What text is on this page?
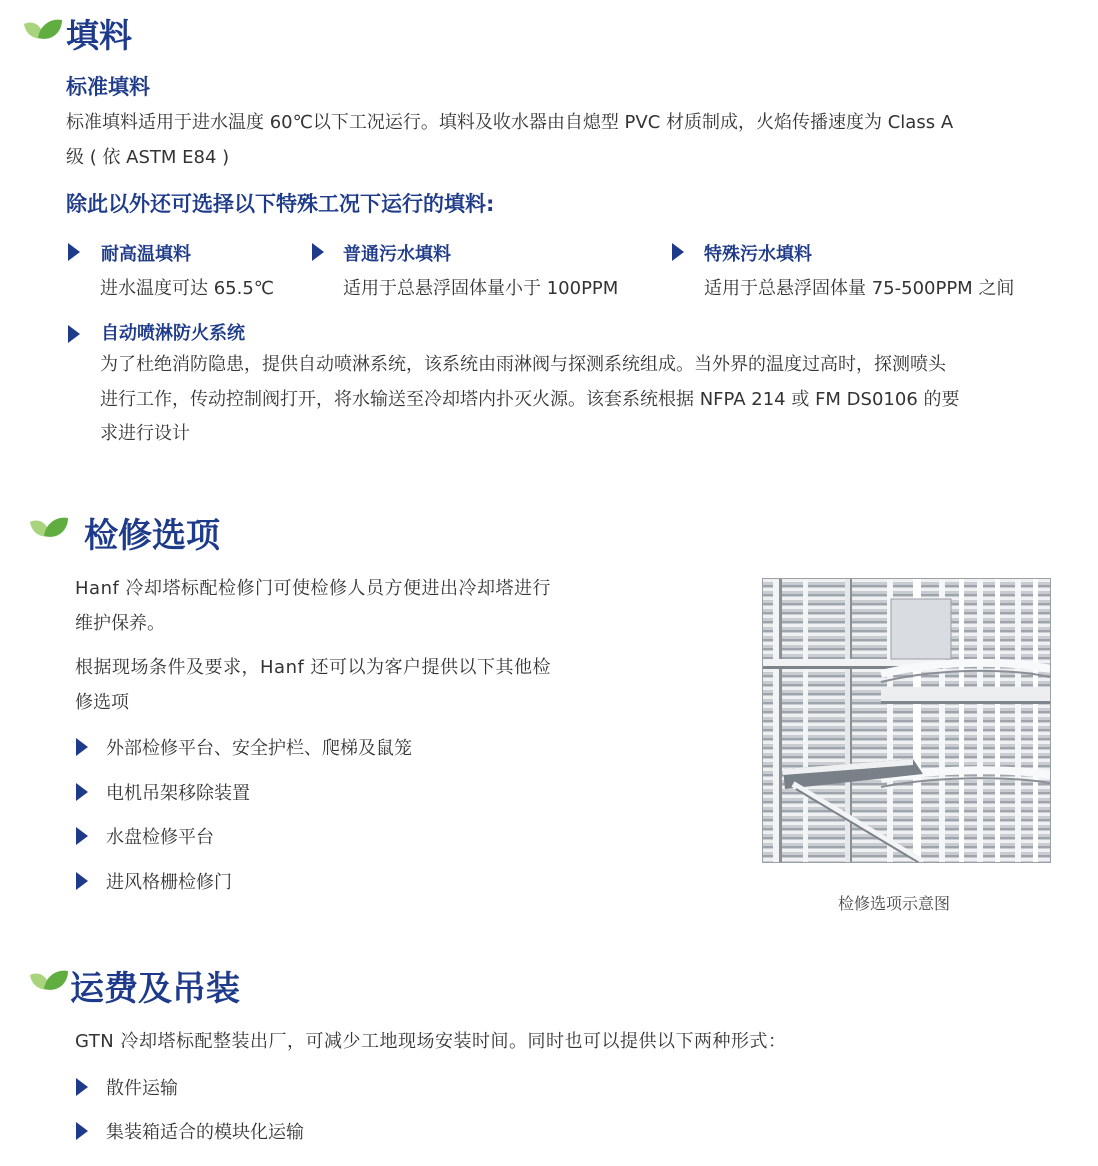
填料
标准填料
标准填料适用于进水温度 60℃以下工况运行。填料及收水器由自熄型 PVC 材质制成，火焰传播速度为 Class A
级 ( 依 ASTM E84 )
除此以外还可选择以下特殊工况下运行的填料:
耐高温填料
进水温度可达 65.5℃
普通污水填料
适用于总悬浮固体量小于 100PPM
特殊污水填料
适用于总悬浮固体量 75-500PPM 之间
自动喷淋防火系统
为了杜绝消防隐患，提供自动喷淋系统，该系统由雨淋阀与探测系统组成。当外界的温度过高时，探测喷头
进行工作，传动控制阀打开，将水输送至冷却塔内扑灭火源。该套系统根据 NFPA 214 或 FM DS0106 的要
求进行设计
检修选项
Hanf 冷却塔标配检修门可使检修人员方便进出冷却塔进行
维护保养。
根据现场条件及要求，Hanf 还可以为客户提供以下其他检
修选项
外部检修平台、安全护栏、爬梯及鼠笼
电机吊架移除装置
水盘检修平台
进风格栅检修门
检修选项示意图
运费及吊装
GTN 冷却塔标配整装出厂，可减少工地现场安装时间。同时也可以提供以下两种形式：
散件运输
集装箱适合的模块化运输
